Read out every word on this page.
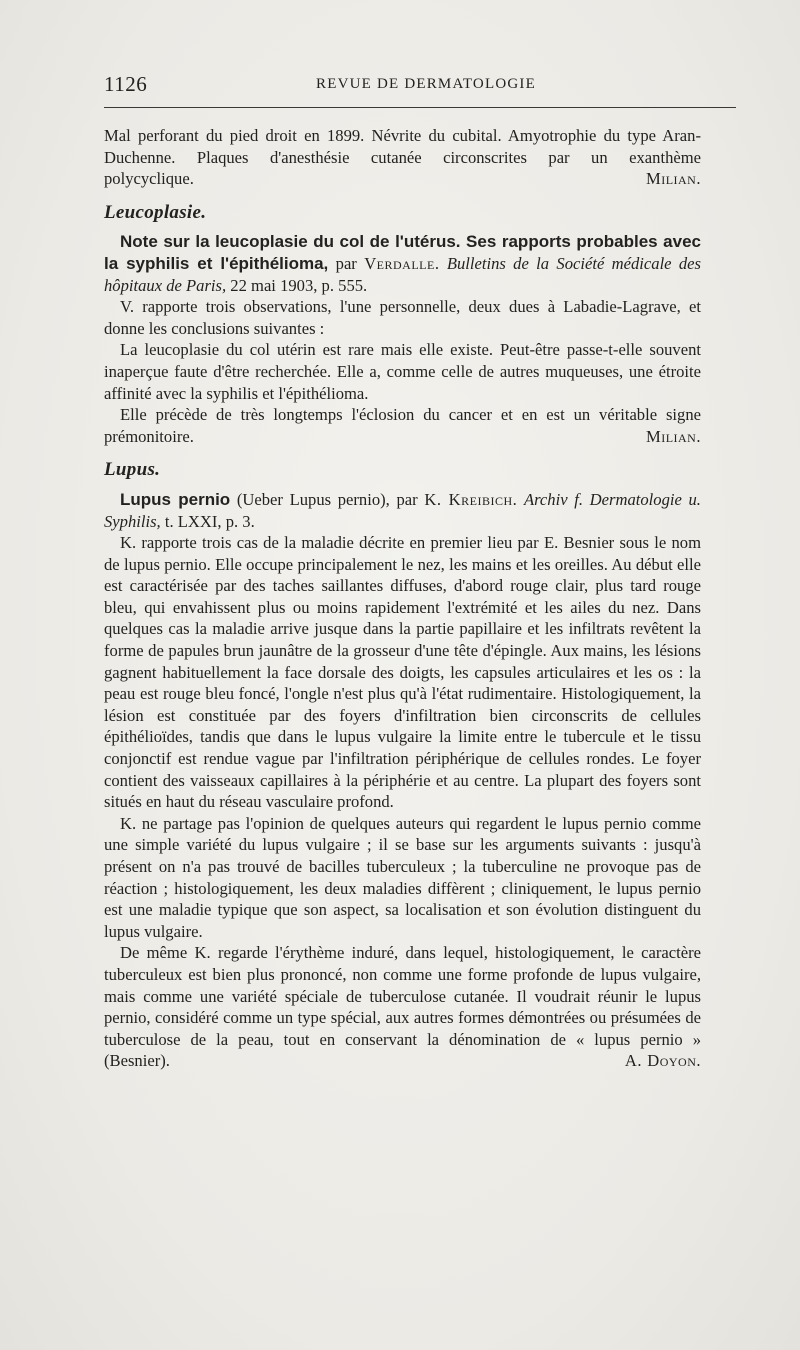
1126	REVUE DE DERMATOLOGIE

Mal perforant du pied droit en 1899. Névrite du cubital. Amyotrophie du type Aran-Duchenne. Plaques d'anesthésie cutanée circonscrites par un exanthème polycyclique.	Milian.

Leucoplasie.

Note sur la leucoplasie du col de l'utérus. Ses rapports probables avec la syphilis et l'épithélioma, par Verdalle. Bulletins de la Société médicale des hôpitaux de Paris, 22 mai 1903, p. 555.

V. rapporte trois observations, l'une personnelle, deux dues à Labadie-Lagrave, et donne les conclusions suivantes :

La leucoplasie du col utérin est rare mais elle existe. Peut-être passe-t-elle souvent inaperçue faute d'être recherchée. Elle a, comme celle de autres muqueuses, une étroite affinité avec la syphilis et l'épithélioma.

Elle précède de très longtemps l'éclosion du cancer et en est un véritable signe prémonitoire.	Milian.

Lupus.

Lupus pernio (Ueber Lupus pernio), par K. Kreibich. Archiv f. Dermatologie u. Syphilis, t. LXXI, p. 3.

K. rapporte trois cas de la maladie décrite en premier lieu par E. Besnier sous le nom de lupus pernio. Elle occupe principalement le nez, les mains et les oreilles. Au début elle est caractérisée par des taches saillantes diffuses, d'abord rouge clair, plus tard rouge bleu, qui envahissent plus ou moins rapidement l'extrémité et les ailes du nez. Dans quelques cas la maladie arrive jusque dans la partie papillaire et les infiltrats revêtent la forme de papules brun jaunâtre de la grosseur d'une tête d'épingle. Aux mains, les lésions gagnent habituellement la face dorsale des doigts, les capsules articulaires et les os : la peau est rouge bleu foncé, l'ongle n'est plus qu'à l'état rudimentaire. Histologiquement, la lésion est constituée par des foyers d'infiltration bien circonscrits de cellules épithélioïdes, tandis que dans le lupus vulgaire la limite entre le tubercule et le tissu conjonctif est rendue vague par l'infiltration périphérique de cellules rondes. Le foyer contient des vaisseaux capillaires à la périphérie et au centre. La plupart des foyers sont situés en haut du réseau vasculaire profond.

K. ne partage pas l'opinion de quelques auteurs qui regardent le lupus pernio comme une simple variété du lupus vulgaire ; il se base sur les arguments suivants : jusqu'à présent on n'a pas trouvé de bacilles tuberculeux ; la tuberculine ne provoque pas de réaction ; histologiquement, les deux maladies diffèrent ; cliniquement, le lupus pernio est une maladie typique que son aspect, sa localisation et son évolution distinguent du lupus vulgaire.

De même K. regarde l'érythème induré, dans lequel, histologiquement, le caractère tuberculeux est bien plus prononcé, non comme une forme profonde de lupus vulgaire, mais comme une variété spéciale de tuberculose cutanée. Il voudrait réunir le lupus pernio, considéré comme un type spécial, aux autres formes démontrées ou présumées de tuberculose de la peau, tout en conservant la dénomination de « lupus pernio » (Besnier).	A. Doyon.
